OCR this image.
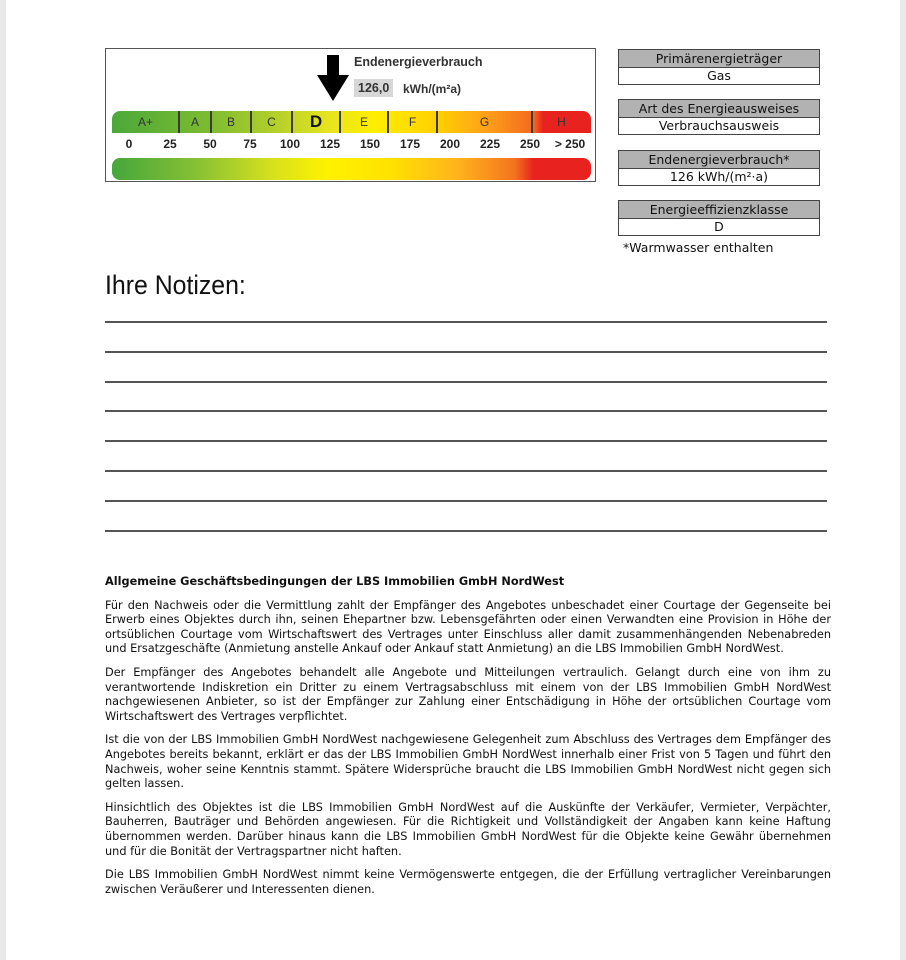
Endenergieverbrauch
126,0	kWh/(m²a)
A+	A	B	C	D	E	F	G	H
0	25 50 75 100 125 150 175 200 225 250 > 250
Primärenergieträger
Gas
Art des Energieausweises
Verbrauchsausweis
Endenergieverbrauch*
126 kWh/(m²·a)
Energieeffizienzklasse
D
*Warmwasser enthalten
Ihre Notizen:
Allgemeine Geschäftsbedingungen der LBS Immobilien GmbH NordWest

Für den Nachweis oder die Vermittlung zahlt der Empfänger des Angebotes unbeschadet einer Courtage der Gegenseite bei Erwerb eines Objektes durch ihn, seinen Ehepartner bzw. Lebensgefährten oder einen Verwandten eine Provision in Höhe der ortsüblichen Courtage vom Wirtschaftswert des Vertrages unter Einschluss aller damit zusammenhängenden Nebenabreden und Ersatzgeschäfte (Anmietung anstelle Ankauf oder Ankauf statt Anmietung) an die LBS Immobilien GmbH NordWest.

Der Empfänger des Angebotes behandelt alle Angebote und Mitteilungen vertraulich. Gelangt durch eine von ihm zu verantwortende Indiskretion ein Dritter zu einem Vertragsabschluss mit einem von der LBS Immobilien GmbH NordWest nachgewiesenen Anbieter, so ist der Empfänger zur Zahlung einer Entschädigung in Höhe der ortsüblichen Courtage vom Wirtschaftswert des Vertrages verpflichtet.

Ist die von der LBS Immobilien GmbH NordWest nachgewiesene Gelegenheit zum Abschluss des Vertrages dem Empfänger des Angebotes bereits bekannt, erklärt er das der LBS Immobilien GmbH NordWest innerhalb einer Frist von 5 Tagen und führt den Nachweis, woher seine Kenntnis stammt. Spätere Widersprüche braucht die LBS Immobilien GmbH NordWest nicht gegen sich gelten lassen.

Hinsichtlich des Objektes ist die LBS Immobilien GmbH NordWest auf die Auskünfte der Verkäufer, Vermieter, Verpächter, Bauherren, Bauträger und Behörden angewiesen. Für die Richtigkeit und Vollständigkeit der Angaben kann keine Haftung übernommen werden. Darüber hinaus kann die LBS Immobilien GmbH NordWest für die Objekte keine Gewähr übernehmen und für die Bonität der Vertragspartner nicht haften.

Die LBS Immobilien GmbH NordWest nimmt keine Vermögenswerte entgegen, die der Erfüllung vertraglicher Vereinbarungen zwischen Veräußerer und Interessenten dienen.
